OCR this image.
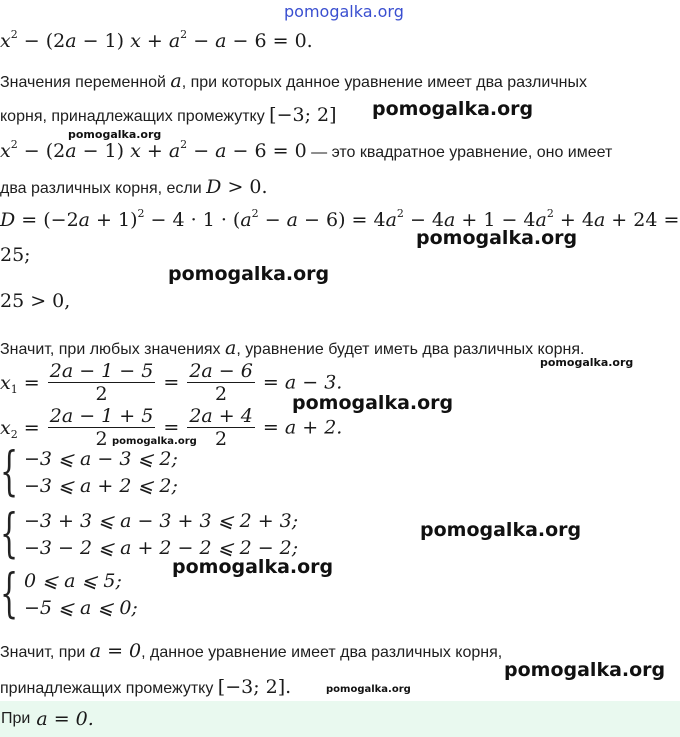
pomogalka.org
$x^2 - (2a - 1) x + a^2 - a - 6 = 0$.
Значения переменной a, при которых данное уравнение имеет два различных
корня, принадлежащих промежутку [−3; 2]
$x^2 - (2a - 1) x + a^2 - a - 6 = 0$ — это квадратное уравнение, оно имеет
два различных корня, если D > 0.
$D = (-2a + 1)^2 - 4 \cdot 1 \cdot (a^2 - a - 6) = 4a^2 - 4a + 1 - 4a^2 + 4a + 24$ =
25;
25 > 0,
Значит, при любых значениях a, уравнение будет иметь два различных корня.
$x_1 = \frac{2a - 1 - 5}{2} = \frac{2a - 6}{2} = a - 3$.
$x_2 = \frac{2a - 1 + 5}{2} = \frac{2a + 4}{2} = a + 2$.
{ −3 ⩽ a − 3 ⩽ 2;
−3 ⩽ a + 2 ⩽ 2;
{ −3 + 3 ⩽ a − 3 + 3 ⩽ 2 + 3;
−3 − 2 ⩽ a + 2 − 2 ⩽ 2 − 2;
{ 0 ⩽ a ⩽ 5;
−5 ⩽ a ⩽ 0;
Значит, при a = 0, данное уравнение имеет два различных корня,
принадлежащих промежутку [−3; 2].
При a = 0.
pomogalka.org
pomogalka.org
pomogalka.org
pomogalka.org
pomogalka.org
pomogalka.org
pomogalka.org
pomogalka.org
pomogalka.org
pomogalka.org
pomogalka.org
